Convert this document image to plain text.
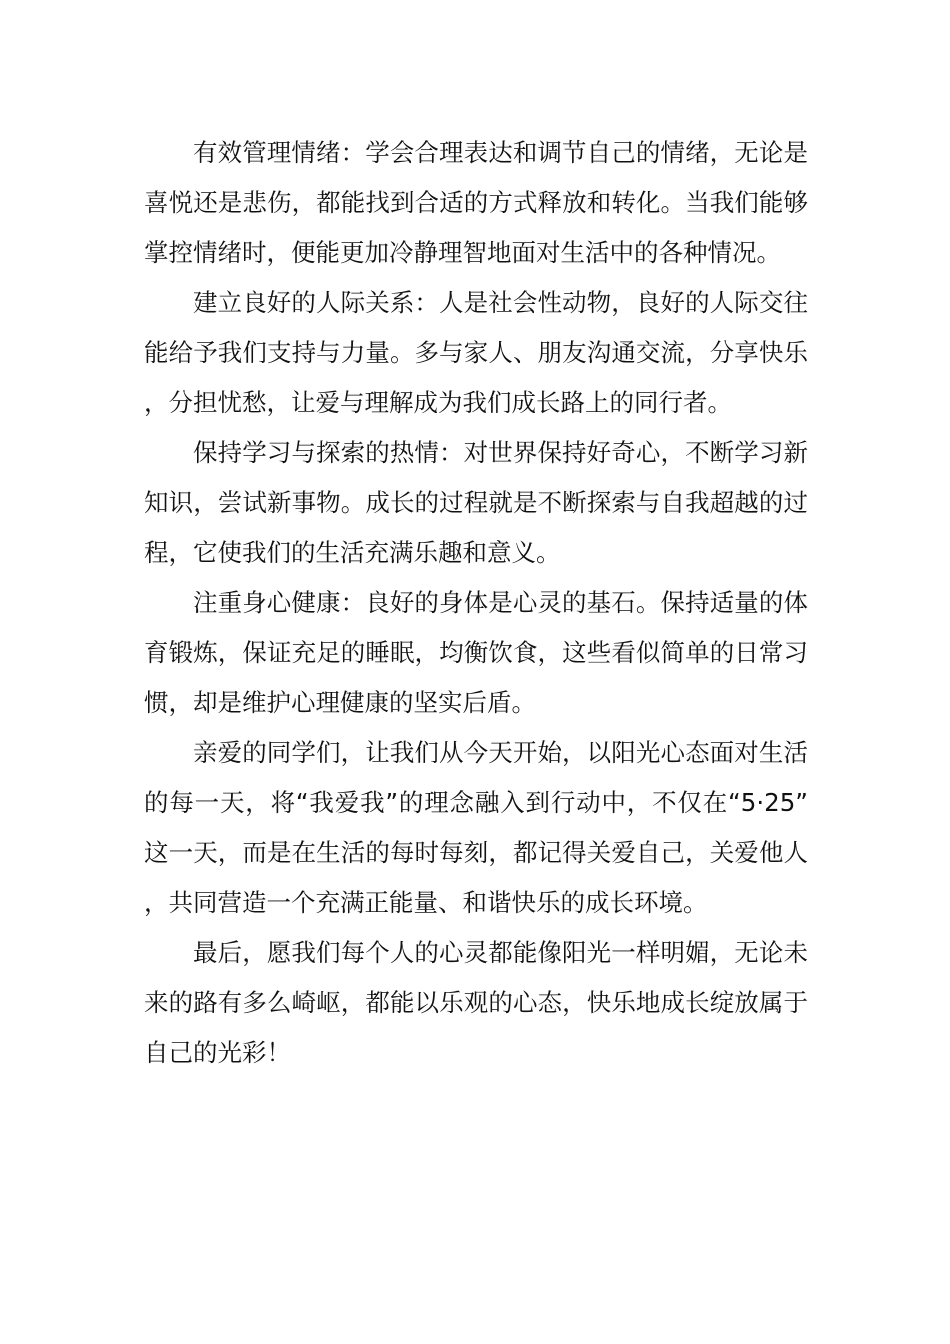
有效管理情绪：学会合理表达和调节自己的情绪，无论是喜悦还是悲伤，都能找到合适的方式释放和转化。当我们能够掌控情绪时，便能更加冷静理智地面对生活中的各种情况。

建立良好的人际关系：人是社会性动物，良好的人际交往能给予我们支持与力量。多与家人、朋友沟通交流，分享快乐，分担忧愁，让爱与理解成为我们成长路上的同行者。

保持学习与探索的热情：对世界保持好奇心，不断学习新知识，尝试新事物。成长的过程就是不断探索与自我超越的过程，它使我们的生活充满乐趣和意义。

注重身心健康：良好的身体是心灵的基石。保持适量的体育锻炼，保证充足的睡眠，均衡饮食，这些看似简单的日常习惯，却是维护心理健康的坚实后盾。

亲爱的同学们，让我们从今天开始，以阳光心态面对生活的每一天，将“我爱我”的理念融入到行动中，不仅在“5·25”这一天，而是在生活的每时每刻，都记得关爱自己，关爱他人，共同营造一个充满正能量、和谐快乐的成长环境。

最后，愿我们每个人的心灵都能像阳光一样明媚，无论未来的路有多么崎岖，都能以乐观的心态，快乐地成长绽放属于自己的光彩！
